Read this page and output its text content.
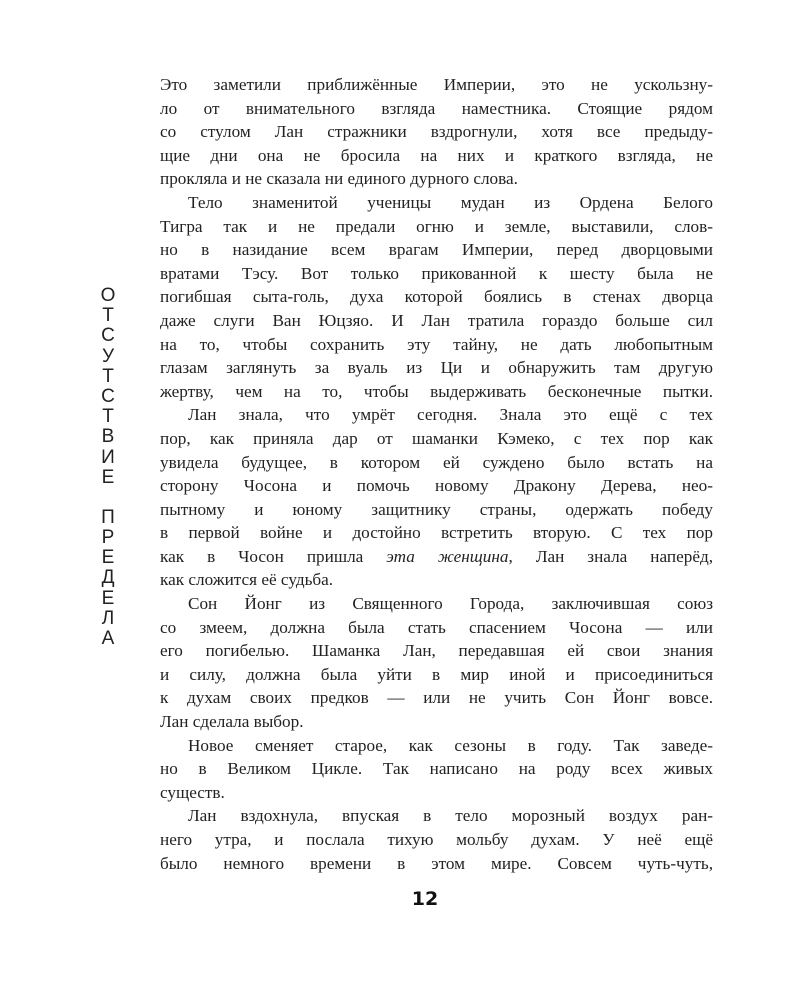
О
Т
С
У
Т
С
Т
В
И
Е
П
Р
Е
Д
Е
Л
А
Это заметили приближённые Империи, это не ускользну-
ло от внимательного взгляда наместника. Стоящие рядом
со стулом Лан стражники вздрогнули, хотя все предыду-
щие дни она не бросила на них и краткого взгляда, не
прокляла и не сказала ни единого дурного слова.
Тело знаменитой ученицы мудан из Ордена Белого
Тигра так и не предали огню и земле, выставили, слов-
но в назидание всем врагам Империи, перед дворцовыми
вратами Тэсу. Вот только прикованной к шесту была не
погибшая сыта-голь, духа которой боялись в стенах дворца
даже слуги Ван Юцзяо. И Лан тратила гораздо больше сил
на то, чтобы сохранить эту тайну, не дать любопытным
глазам заглянуть за вуаль из Ци и обнаружить там другую
жертву, чем на то, чтобы выдерживать бесконечные пытки.
Лан знала, что умрёт сегодня. Знала это ещё с тех
пор, как приняла дар от шаманки Кэмеко, с тех пор как
увидела будущее, в котором ей суждено было встать на
сторону Чосона и помочь новому Дракону Дерева, нео-
пытному и юному защитнику страны, одержать победу
в первой войне и достойно встретить вторую. С тех пор
как в Чосон пришла эта женщина, Лан знала наперёд,
как сложится её судьба.
Сон Йонг из Священного Города, заключившая союз
со змеем, должна была стать спасением Чосона — или
его погибелью. Шаманка Лан, передавшая ей свои знания
и силу, должна была уйти в мир иной и присоединиться
к духам своих предков — или не учить Сон Йонг вовсе.
Лан сделала выбор.
Новое сменяет старое, как сезоны в году. Так заведе-
но в Великом Цикле. Так написано на роду всех живых
существ.
Лан вздохнула, впуская в тело морозный воздух ран-
него утра, и послала тихую мольбу духам. У неё ещё
было немного времени в этом мире. Совсем чуть-чуть,
12
